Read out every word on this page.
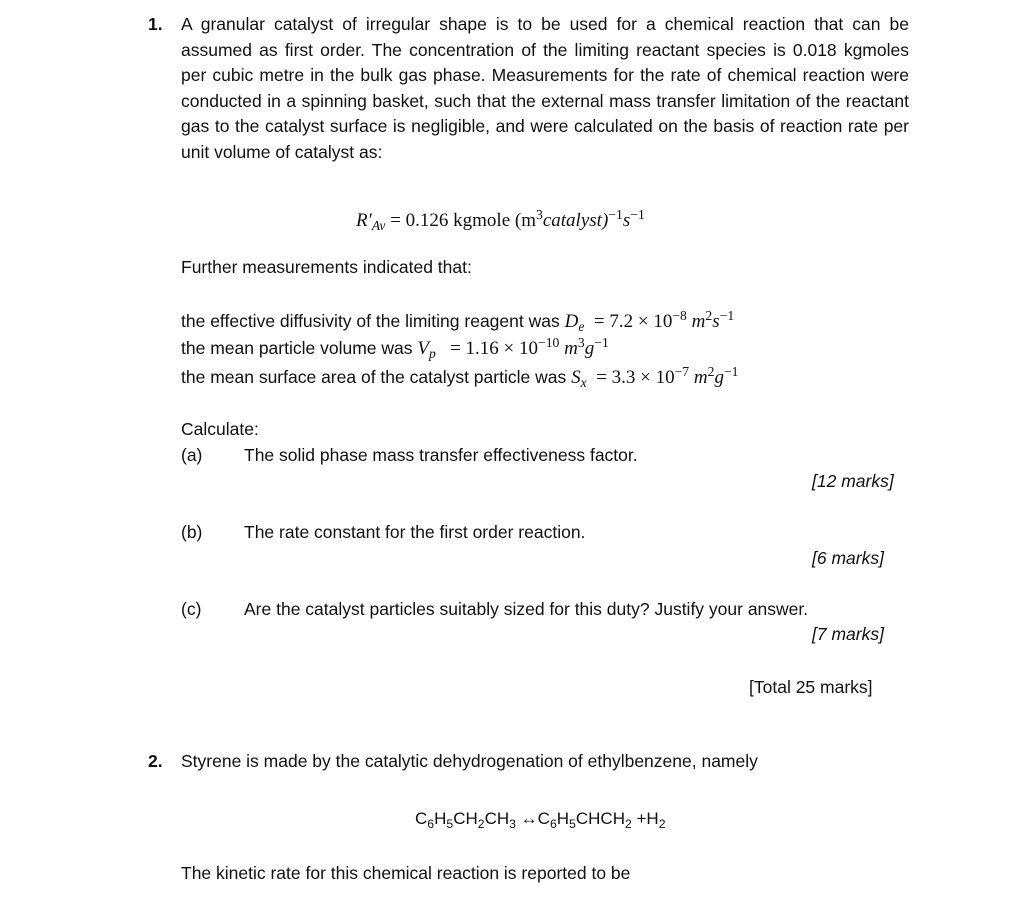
1. A granular catalyst of irregular shape is to be used for a chemical reaction that can be assumed as first order. The concentration of the limiting reactant species is 0.018 kgmoles per cubic metre in the bulk gas phase. Measurements for the rate of chemical reaction were conducted in a spinning basket, such that the external mass transfer limitation of the reactant gas to the catalyst surface is negligible, and were calculated on the basis of reaction rate per unit volume of catalyst as:
$R'_{Av} = 0.126$ kgmole $(m^3catalyst)^{-1}s^{-1}$
Further measurements indicated that:
the effective diffusivity of the limiting reagent was $D_e = 7.2 \times 10^{-8}$ $m^2s^{-1}$
the mean particle volume was $V_p = 1.16 \times 10^{-10}$ $m^3g^{-1}$
the mean surface area of the catalyst particle was $S_x = 3.3 \times 10^{-7}$ $m^2g^{-1}$
Calculate:
(a) The solid phase mass transfer effectiveness factor.
[12 marks]
(b) The rate constant for the first order reaction.
[6 marks]
(c) Are the catalyst particles suitably sized for this duty? Justify your answer.
[7 marks]
[Total 25 marks]
2. Styrene is made by the catalytic dehydrogenation of ethylbenzene, namely
$C_6H_5CH_2CH_3$ $\leftrightarrow C_6H_5CHCH_2 +H_2$
The kinetic rate for this chemical reaction is reported to be
